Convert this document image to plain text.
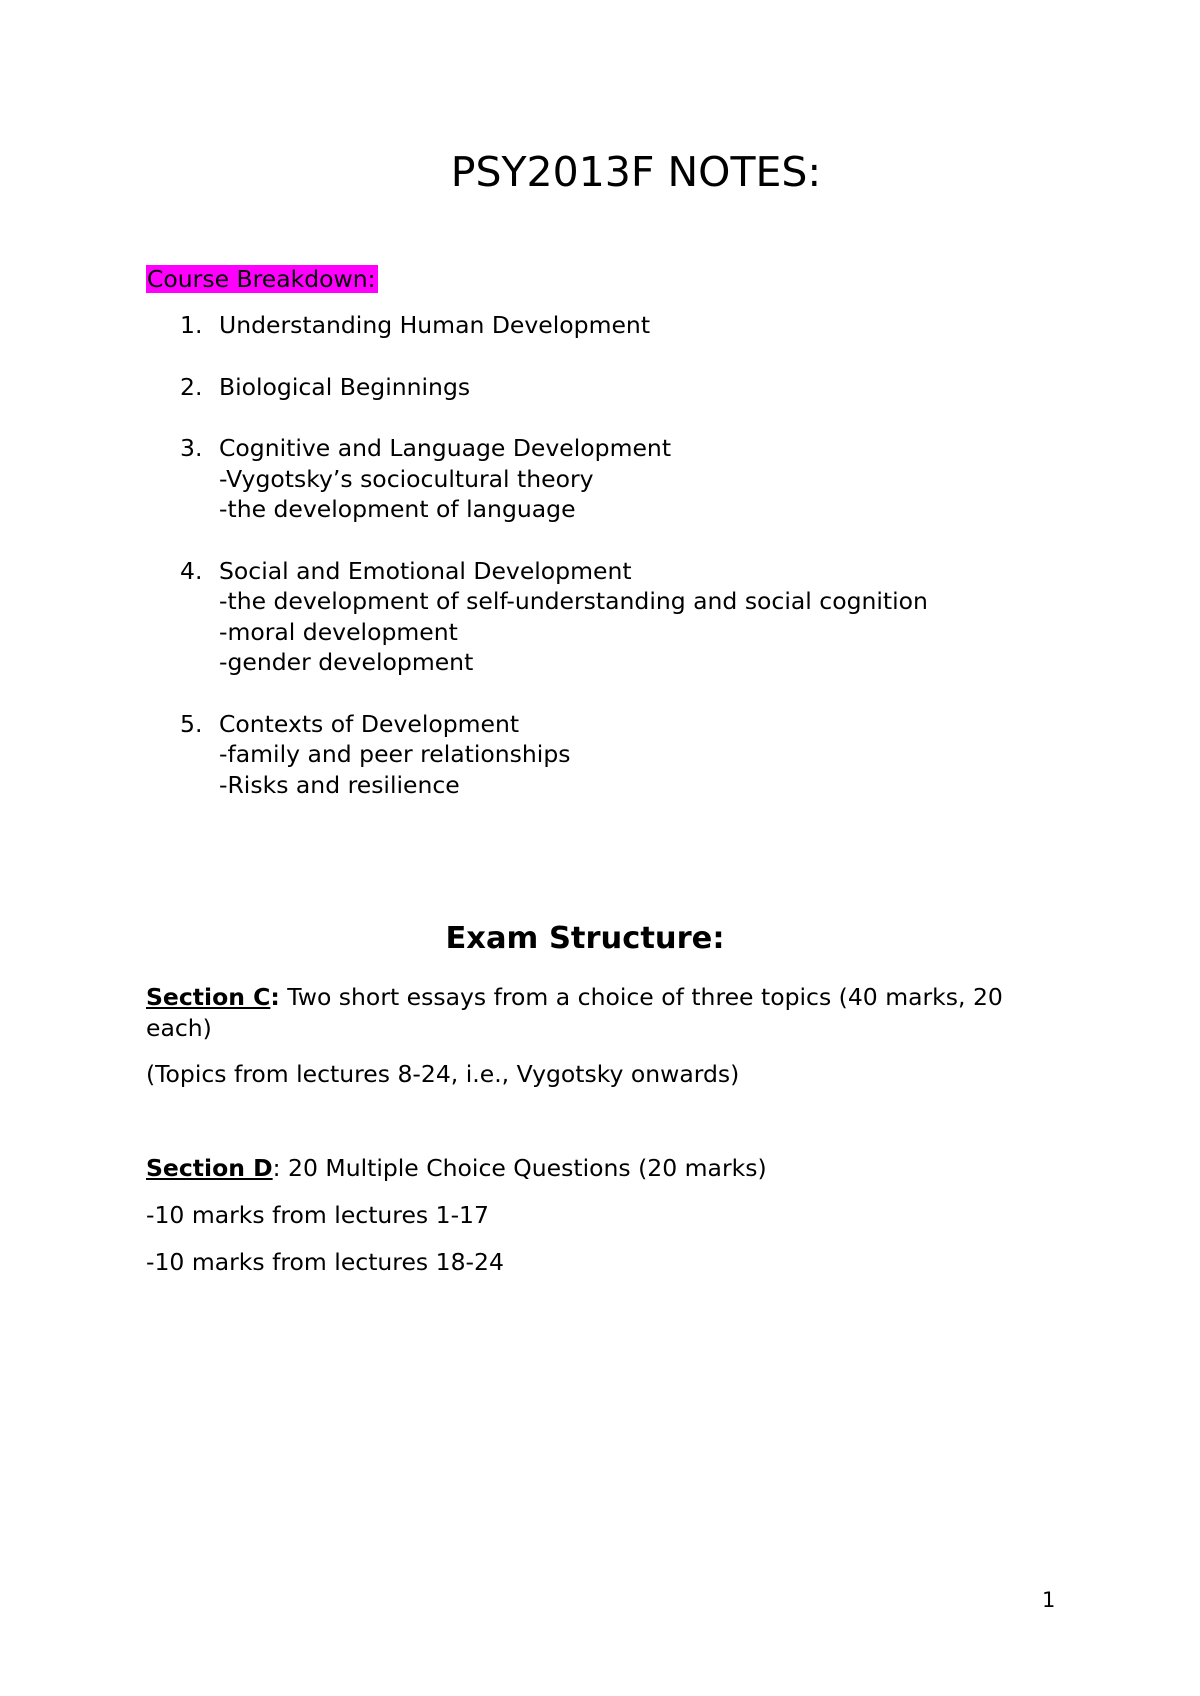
PSY2013F NOTES:

Course Breakdown:

1. Understanding Human Development
2. Biological Beginnings
3. Cognitive and Language Development
-Vygotsky’s sociocultural theory
-the development of language
4. Social and Emotional Development
-the development of self-understanding and social cognition
-moral development
-gender development
5. Contexts of Development
-family and peer relationships
-Risks and resilience
Exam Structure:

Section C: Two short essays from a choice of three topics (40 marks, 20 each)

(Topics from lectures 8-24, i.e., Vygotsky onwards)

Section D: 20 Multiple Choice Questions (20 marks)

-10 marks from lectures 1-17

-10 marks from lectures 18-24

1
